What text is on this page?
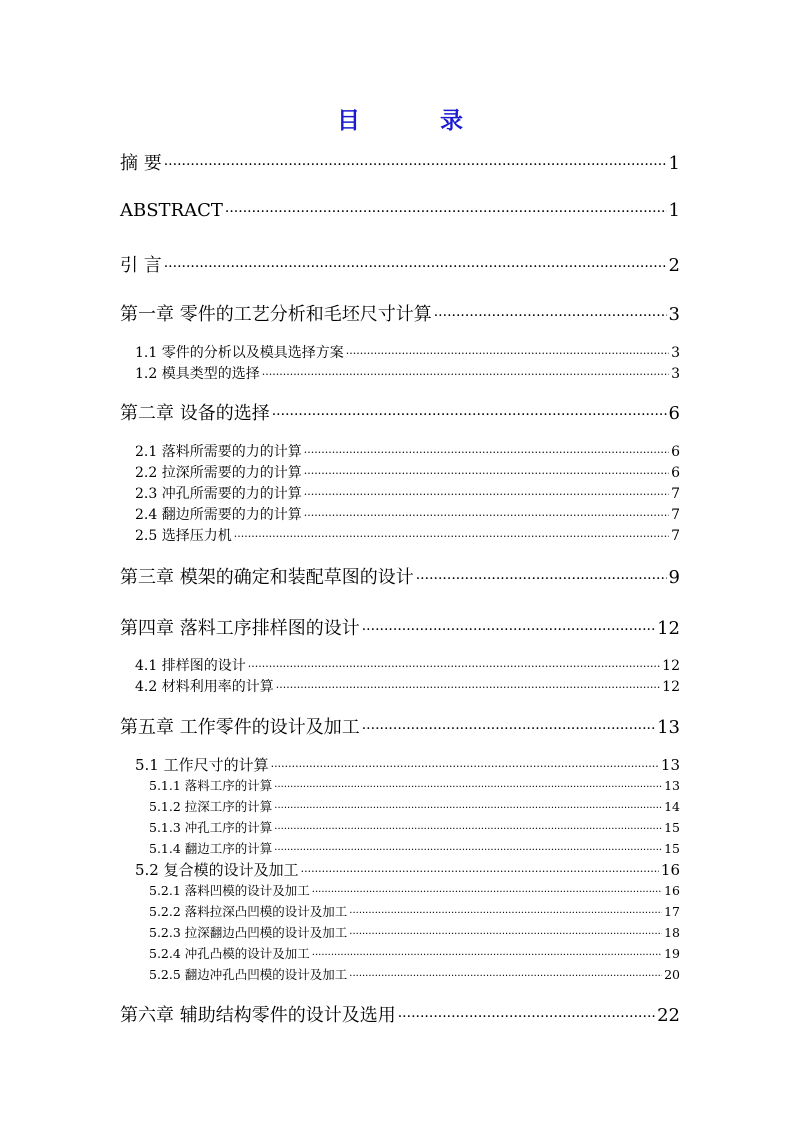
目 录
摘 要 ·····	1
ABSTRACT ·····	1
引 言 ·····	2
第一章 零件的工艺分析和毛坯尺寸计算 ·····	3
1.1 零件的分析以及模具选择方案 ·····	3
1.2 模具类型的选择 ·····	3
第二章 设备的选择 ·····	6
2.1 落料所需要的力的计算 ·····	6
2.2 拉深所需要的力的计算 ·····	6
2.3 冲孔所需要的力的计算 ·····	7
2.4 翻边所需要的力的计算 ·····	7
2.5 选择压力机 ·····	7
第三章 模架的确定和装配草图的设计 ·····	9
第四章 落料工序排样图的设计 ·····	12
4.1 排样图的设计 ·····	12
4.2 材料利用率的计算 ·····	12
第五章 工作零件的设计及加工 ·····	13
5.1 工作尺寸的计算 ·····	13
5.1.1 落料工序的计算 ·····	13
5.1.2 拉深工序的计算 ·····	14
5.1.3 冲孔工序的计算 ·····	15
5.1.4 翻边工序的计算 ·····	15
5.2 复合模的设计及加工 ·····	16
5.2.1 落料凹模的设计及加工 ·····	16
5.2.2 落料拉深凸凹模的设计及加工 ·····	17
5.2.3 拉深翻边凸凹模的设计及加工 ·····	18
5.2.4 冲孔凸模的设计及加工 ·····	19
5.2.5 翻边冲孔凸凹模的设计及加工 ·····	20
第六章 辅助结构零件的设计及选用 ·····	22
